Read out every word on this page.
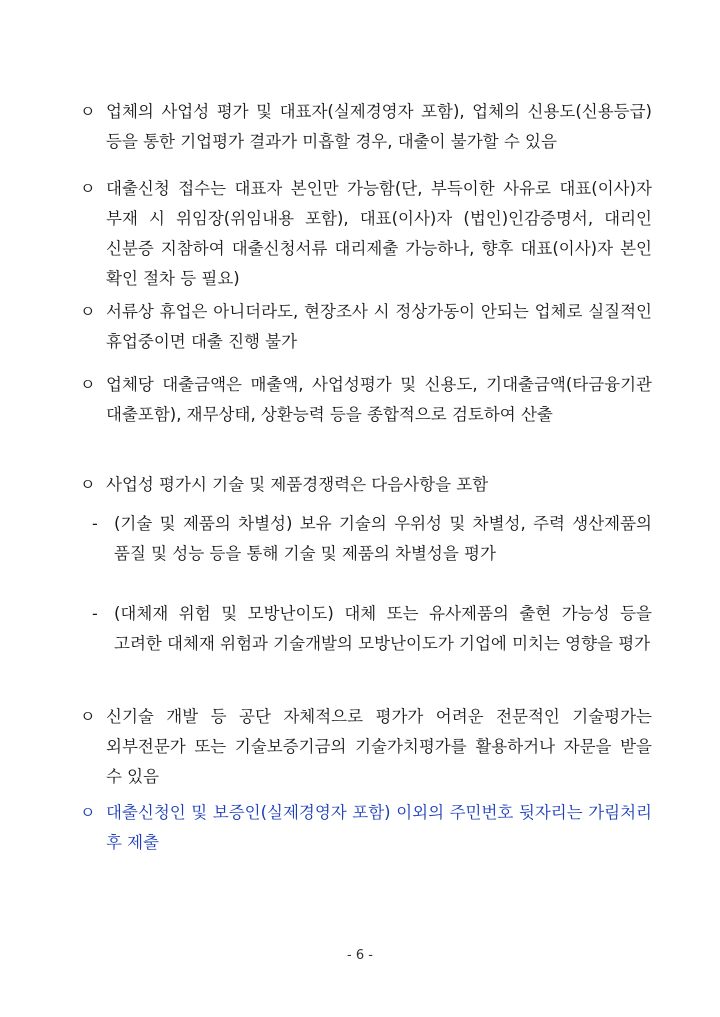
ㅇ 업체의 사업성 평가 및 대표자(실제경영자 포함), 업체의 신용도(신용등급)등을 통한 기업평가 결과가 미흡할 경우, 대출이 불가할 수 있음
ㅇ 대출신청 접수는 대표자 본인만 가능함(단, 부득이한 사유로 대표(이사)자 부재 시 위임장(위임내용 포함), 대표(이사)자 (법인)인감증명서, 대리인 신분증 지참하여 대출신청서류 대리제출 가능하나, 향후 대표(이사)자 본인 확인 절차 등 필요)
ㅇ 서류상 휴업은 아니더라도, 현장조사 시 정상가동이 안되는 업체로 실질적인 휴업중이면 대출 진행 불가
ㅇ 업체당 대출금액은 매출액, 사업성평가 및 신용도, 기대출금액(타금융기관 대출포함), 재무상태, 상환능력 등을 종합적으로 검토하여 산출
ㅇ 사업성 평가시 기술 및 제품경쟁력은 다음사항을 포함
- (기술 및 제품의 차별성) 보유 기술의 우위성 및 차별성, 주력 생산제품의 품질 및 성능 등을 통해 기술 및 제품의 차별성을 평가
- (대체재 위험 및 모방난이도) 대체 또는 유사제품의 출현 가능성 등을 고려한 대체재 위험과 기술개발의 모방난이도가 기업에 미치는 영향을 평가
ㅇ 신기술 개발 등 공단 자체적으로 평가가 어려운 전문적인 기술평가는 외부전문가 또는 기술보증기금의 기술가치평가를 활용하거나 자문을 받을 수 있음
ㅇ 대출신청인 및 보증인(실제경영자 포함) 이외의 주민번호 뒷자리는 가림처리 후 제출
- 6 -
